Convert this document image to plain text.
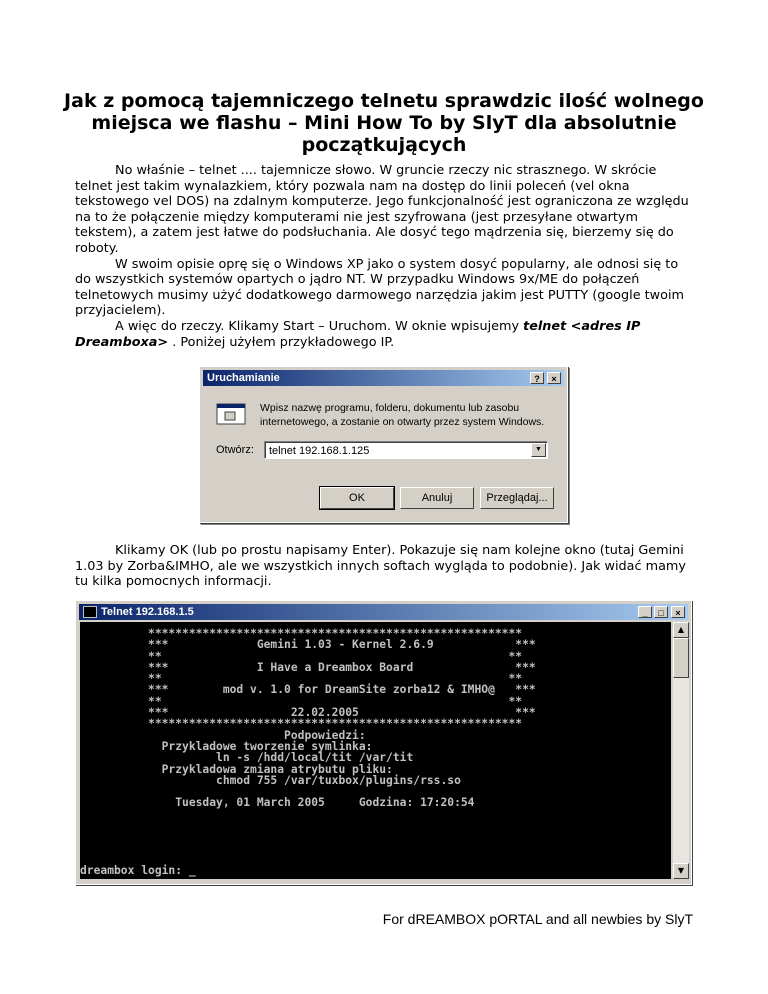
Jak z pomocą tajemniczego telnetu sprawdzic ilość wolnego miejsca we flashu – Mini How To by SlyT dla absolutnie początkujących

No właśnie – telnet .... tajemnicze słowo. W gruncie rzeczy nic strasznego. W skrócie telnet jest takim wynalazkiem, który pozwala nam na dostęp do linii poleceń (vel okna tekstowego vel DOS) na zdalnym komputerze. Jego funkcjonalność jest ograniczona ze względu na to że połączenie między komputerami nie jest szyfrowana (jest przesyłane otwartym tekstem), a zatem jest łatwe do podsłuchania. Ale dosyć tego mądrzenia się, bierzemy się do roboty.

W swoim opisie oprę się o Windows XP jako o system dosyć popularny, ale odnosi się to do wszystkich systemów opartych o jądro NT. W przypadku Windows 9x/ME do połączeń telnetowych musimy użyć dodatkowego darmowego narzędzia jakim jest PUTTY (google twoim przyjacielem).

A więc do rzeczy. Klikamy Start – Uruchom. W oknie wpisujemy telnet <adres IP Dreamboxa> . Poniżej użyłem przykładowego IP.

Uruchamianie	?	×
Wpisz nazwę programu, folderu, dokumentu lub zasobu internetowego, a zostanie on otwarty przez system Windows.
Otwórz:	telnet 192.168.1.125	▼
OK	Anuluj	Przeglądaj...

Klikamy OK (lub po prostu napisamy Enter). Pokazuje się nam kolejne okno (tutaj Gemini 1.03 by Zorba&IMHO, ale we wszystkich innych softach wygląda to podobnie). Jak widać mamy tu kilka pomocnych informacji.

Telnet 192.168.1.5	_	□	×
*******************************************************
***             Gemini 1.03 - Kernel 2.6.9            ***
**                                                   **
***             I Have a Dreambox Board               ***
**                                                   **
***        mod v. 1.0 for DreamSite zorba12 & IMHO@   ***
**                                                   **
***                  22.02.2005                       ***
*******************************************************
Podpowiedzi:
Przykladowe tworzenie symlinka:
ln -s /hdd/local/tit /var/tit
Przykladowa zmiana atrybutu pliku:
chmod 755 /var/tuxbox/plugins/rss.so

Tuesday, 01 March 2005     Godzina: 17:20:54

dreambox login: _
▲
▼
For dREAMBOX pORTAL and all newbies by SlyT
